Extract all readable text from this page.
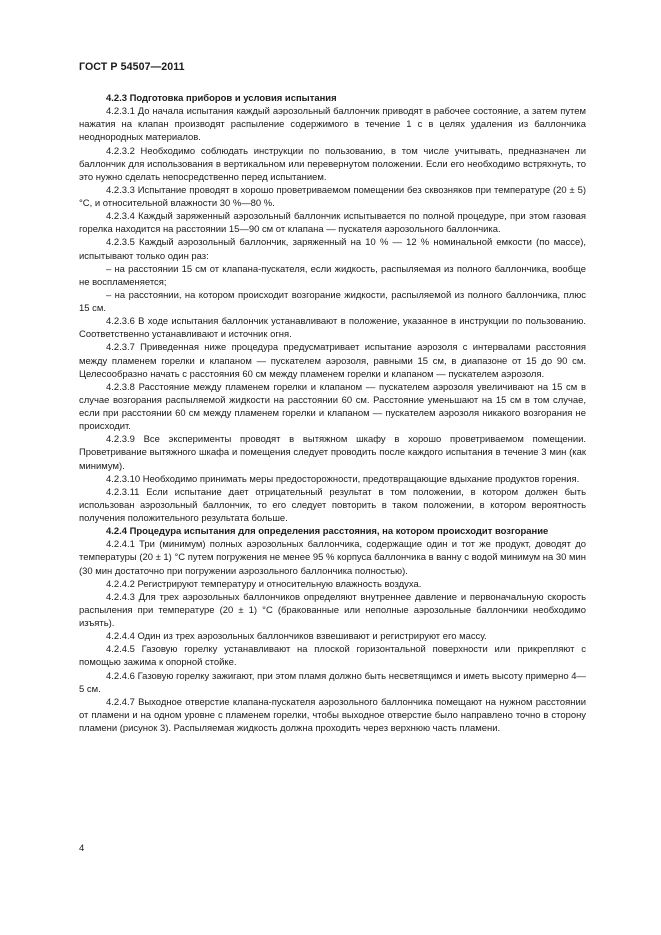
ГОСТ Р 54507—2011

4.2.3 Подготовка приборов и условия испытания

4.2.3.1 До начала испытания каждый аэрозольный баллончик приводят в рабочее состояние, а затем путем нажатия на клапан производят распыление содержимого в течение 1 с в целях удаления из баллончика неоднородных материалов.

4.2.3.2 Необходимо соблюдать инструкции по пользованию, в том числе учитывать, предназначен ли баллончик для использования в вертикальном или перевернутом положении. Если его необходимо встряхнуть, то это нужно сделать непосредственно перед испытанием.

4.2.3.3 Испытание проводят в хорошо проветриваемом помещении без сквозняков при температуре (20 ± 5) °С, и относительной влажности 30 %—80 %.

4.2.3.4 Каждый заряженный аэрозольный баллончик испытывается по полной процедуре, при этом газовая горелка находится на расстоянии 15—90 см от клапана — пускателя аэрозольного баллончика.

4.2.3.5 Каждый аэрозольный баллончик, заряженный на 10 % — 12 % номинальной емкости (по массе), испытывают только один раз:

– на расстоянии 15 см от клапана-пускателя, если жидкость, распыляемая из полного баллончика, вообще не воспламеняется;

– на расстоянии, на котором происходит возгорание жидкости, распыляемой из полного баллончика, плюс 15 см.

4.2.3.6 В ходе испытания баллончик устанавливают в положение, указанное в инструкции по пользованию. Соответственно устанавливают и источник огня.

4.2.3.7 Приведенная ниже процедура предусматривает испытание аэрозоля с интервалами расстояния между пламенем горелки и клапаном — пускателем аэрозоля, равными 15 см, в диапазоне от 15 до 90 см. Целесообразно начать с расстояния 60 см между пламенем горелки и клапаном — пускателем аэрозоля.

4.2.3.8 Расстояние между пламенем горелки и клапаном — пускателем аэрозоля увеличивают на 15 см в случае возгорания распыляемой жидкости на расстоянии 60 см. Расстояние уменьшают на 15 см в том случае, если при расстоянии 60 см между пламенем горелки и клапаном — пускателем аэрозоля никакого возгорания не происходит.

4.2.3.9 Все эксперименты проводят в вытяжном шкафу в хорошо проветриваемом помещении. Проветривание вытяжного шкафа и помещения следует проводить после каждого испытания в течение 3 мин (как минимум).

4.2.3.10 Необходимо принимать меры предосторожности, предотвращающие вдыхание продуктов горения.

4.2.3.11 Если испытание дает отрицательный результат в том положении, в котором должен быть использован аэрозольный баллончик, то его следует повторить в таком положении, в котором вероятность получения положительного результата больше.

4.2.4 Процедура испытания для определения расстояния, на котором происходит возгорание

4.2.4.1 Три (минимум) полных аэрозольных баллончика, содержащие один и тот же продукт, доводят до температуры (20 ± 1) °С путем погружения не менее 95 % корпуса баллончика в ванну с водой минимум на 30 мин (30 мин достаточно при погружении аэрозольного баллончика полностью).

4.2.4.2 Регистрируют температуру и относительную влажность воздуха.

4.2.4.3 Для трех аэрозольных баллончиков определяют внутреннее давление и первоначальную скорость распыления при температуре (20 ± 1) °С (бракованные или неполные аэрозольные баллончики необходимо изъять).

4.2.4.4 Один из трех аэрозольных баллончиков взвешивают и регистрируют его массу.

4.2.4.5 Газовую горелку устанавливают на плоской горизонтальной поверхности или прикрепляют с помощью зажима к опорной стойке.

4.2.4.6 Газовую горелку зажигают, при этом пламя должно быть несветящимся и иметь высоту примерно 4—5 см.

4.2.4.7 Выходное отверстие клапана-пускателя аэрозольного баллончика помещают на нужном расстоянии от пламени и на одном уровне с пламенем горелки, чтобы выходное отверстие было направлено точно в сторону пламени (рисунок 3). Распыляемая жидкость должна проходить через верхнюю часть пламени.

4
